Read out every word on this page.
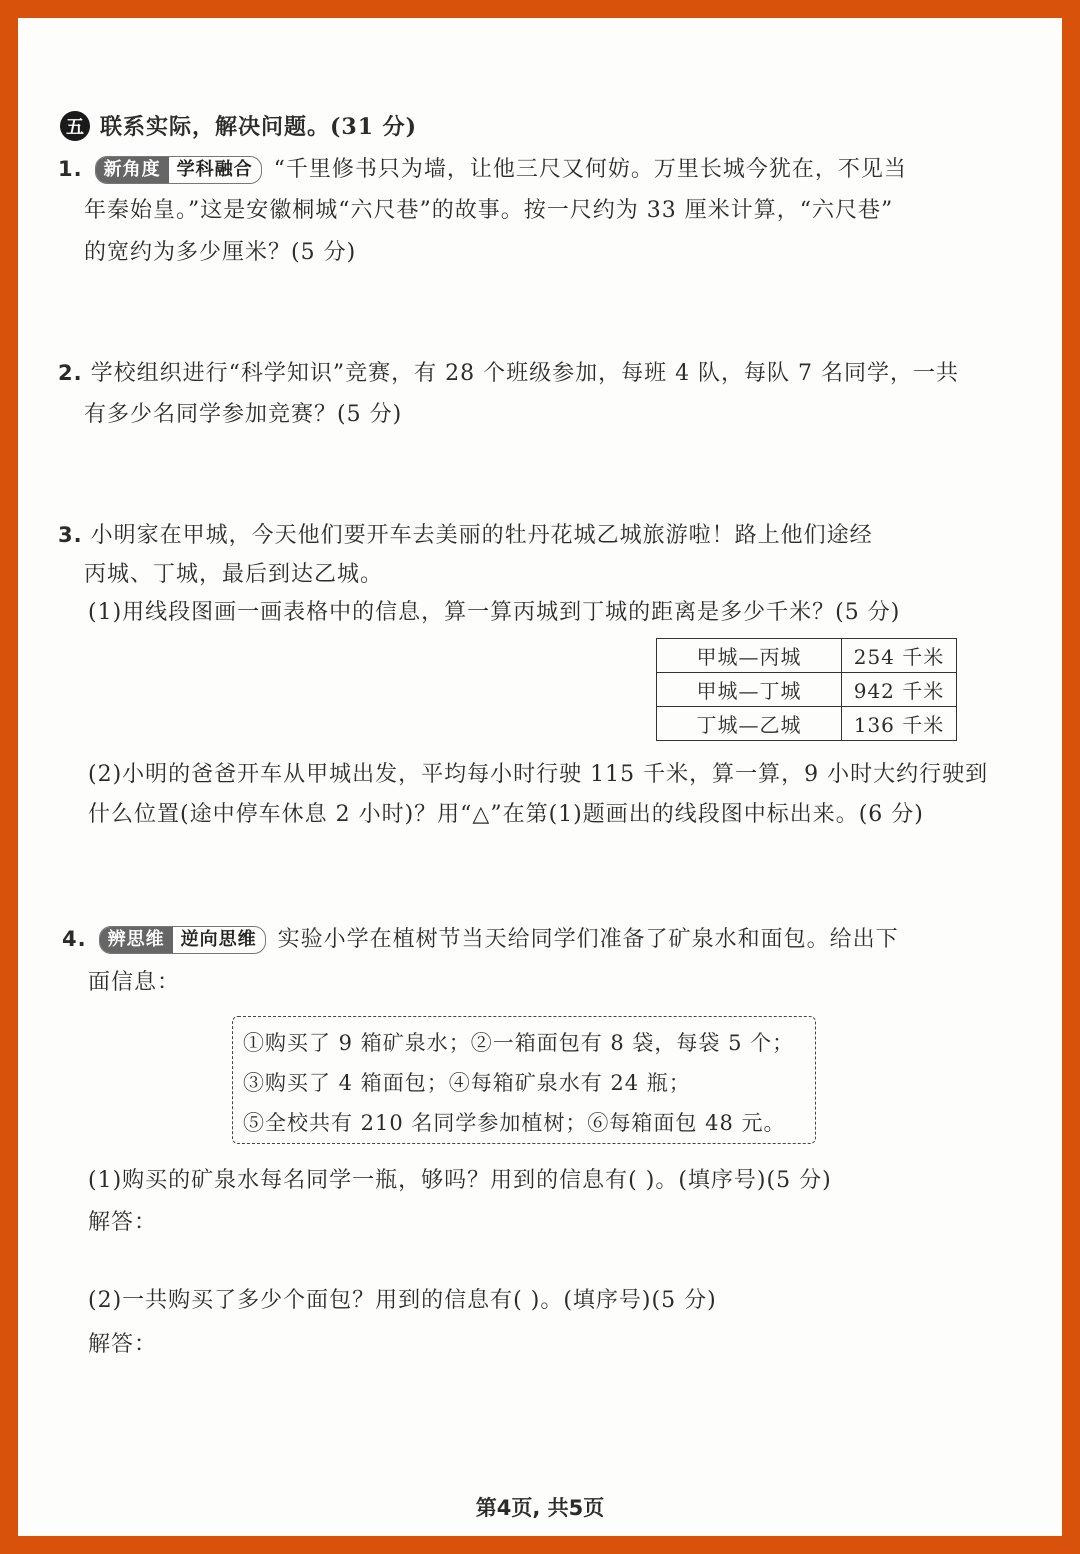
五 联系实际，解决问题。(31 分)
1.	新角度 学科融合 “千里修书只为墙，让他三尺又何妨。万里长城今犹在，不见当
年秦始皇。”这是安徽桐城“六尺巷”的故事。按一尺约为 33 厘米计算，“六尺巷”
的宽约为多少厘米？(5 分)
2. 学校组织进行“科学知识”竞赛，有 28 个班级参加，每班 4 队，每队 7 名同学，一共
有多少名同学参加竞赛？(5 分)
3. 小明家在甲城，今天他们要开车去美丽的牡丹花城乙城旅游啦！路上他们途经
丙城、丁城，最后到达乙城。
(1)用线段图画一画表格中的信息，算一算丙城到丁城的距离是多少千米？(5 分)
甲城—丙城	254 千米
甲城—丁城	942 千米
丁城—乙城	136 千米
(2)小明的爸爸开车从甲城出发，平均每小时行驶 115 千米，算一算，9 小时大约行驶到
什么位置(途中停车休息 2 小时)？用“△”在第(1)题画出的线段图中标出来。(6 分)
4.	辨思维 逆向思维 实验小学在植树节当天给同学们准备了矿泉水和面包。给出下
面信息：
①购买了 9 箱矿泉水；②一箱面包有 8 袋，每袋 5 个；
③购买了 4 箱面包；④每箱矿泉水有 24 瓶；
⑤全校共有 210 名同学参加植树；⑥每箱面包 48 元。
(1)购买的矿泉水每名同学一瓶，够吗？用到的信息有( )。(填序号)(5 分)
解答：
(2)一共购买了多少个面包？用到的信息有( )。(填序号)(5 分)
解答：
第4页, 共5页
